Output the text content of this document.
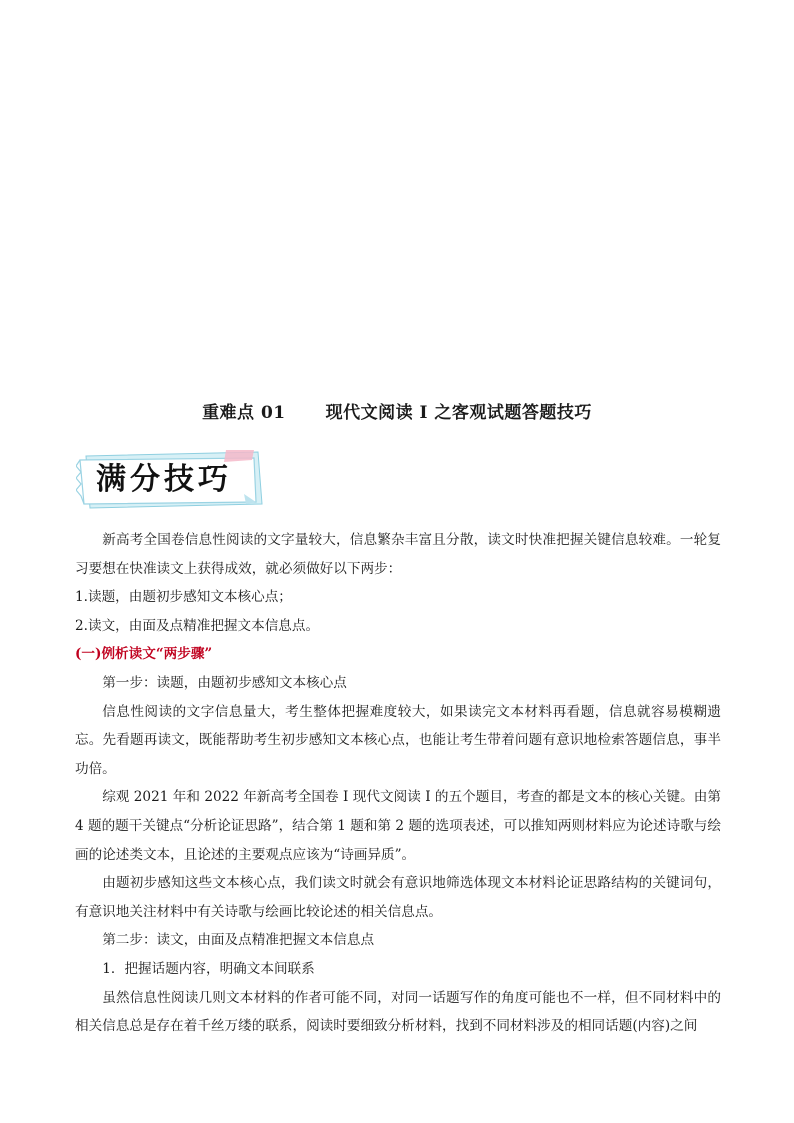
重难点 01 现代文阅读 I 之客观试题答题技巧
满分技巧

新高考全国卷信息性阅读的文字量较大，信息繁杂丰富且分散，读文时快准把握关键信息较难。一轮复习要想在快准读文上获得成效，就必须做好以下两步：

1.读题，由题初步感知文本核心点；

2.读文，由面及点精准把握文本信息点。

(一)例析读文“两步骤”

第一步：读题，由题初步感知文本核心点

信息性阅读的文字信息量大，考生整体把握难度较大，如果读完文本材料再看题，信息就容易模糊遗忘。先看题再读文，既能帮助考生初步感知文本核心点，也能让考生带着问题有意识地检索答题信息，事半功倍。

综观 2021 年和 2022 年新高考全国卷 I 现代文阅读 I 的五个题目，考查的都是文本的核心关键。由第 4 题的题干关键点“分析论证思路”，结合第 1 题和第 2 题的选项表述，可以推知两则材料应为论述诗歌与绘画的论述类文本，且论述的主要观点应该为“诗画异质”。

由题初步感知这些文本核心点，我们读文时就会有意识地筛选体现文本材料论证思路结构的关键词句，有意识地关注材料中有关诗歌与绘画比较论述的相关信息点。

第二步：读文，由面及点精准把握文本信息点

1．把握话题内容，明确文本间联系

虽然信息性阅读几则文本材料的作者可能不同，对同一话题写作的角度可能也不一样，但不同材料中的相关信息总是存在着千丝万缕的联系，阅读时要细致分析材料，找到不同材料涉及的相同话题(内容)之间
